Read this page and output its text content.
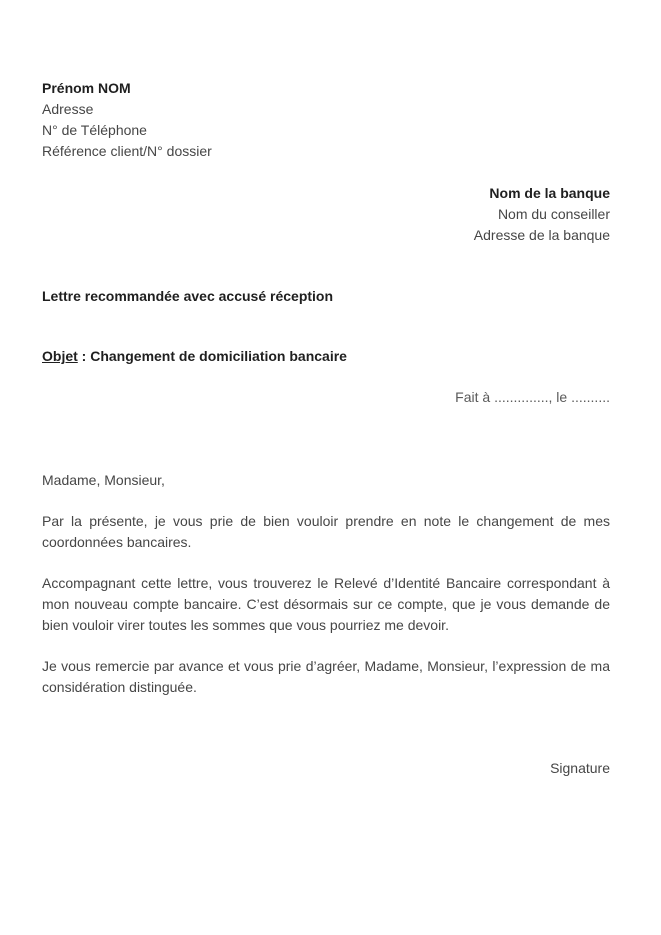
Prénom NOM
Adresse
N° de Téléphone
Référence client/N° dossier
Nom de la banque
Nom du conseiller
Adresse de la banque
Lettre recommandée avec accusé réception
Objet : Changement de domiciliation bancaire
Fait à .............., le ..........
Madame, Monsieur,

Par la présente, je vous prie de bien vouloir prendre en note le changement de mes coordonnées bancaires.

Accompagnant cette lettre, vous trouverez le Relevé d’Identité Bancaire correspondant à mon nouveau compte bancaire. C’est désormais sur ce compte, que je vous demande de bien vouloir virer toutes les sommes que vous pourriez me devoir.

Je vous remercie par avance et vous prie d’agréer, Madame, Monsieur, l’expression de ma considération distinguée.

Signature
